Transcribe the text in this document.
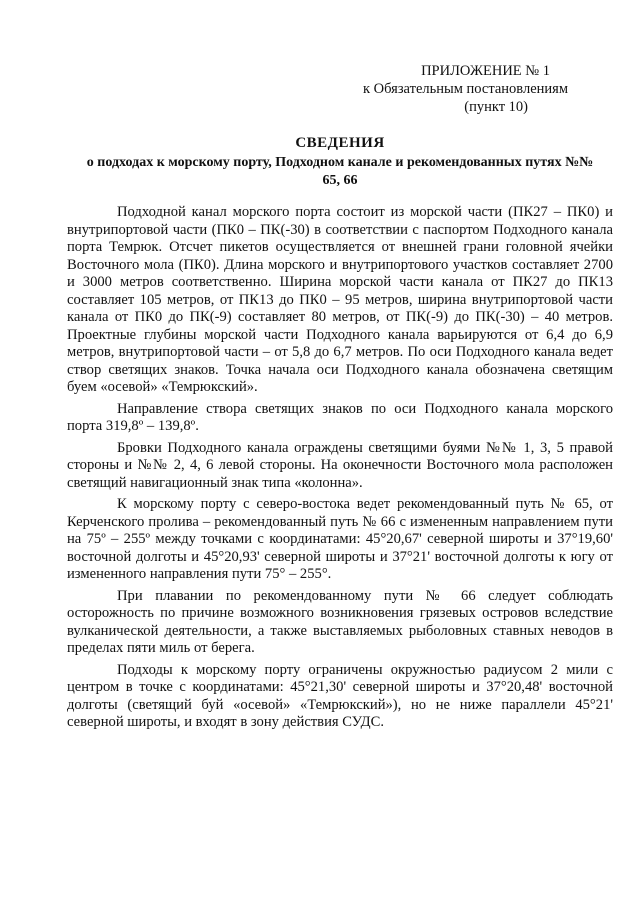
ПРИЛОЖЕНИЕ № 1
к Обязательным постановлениям
(пункт 10)
СВЕДЕНИЯ
о подходах к морскому порту, Подходном канале и рекомендованных путях №№ 65, 66

Подходной канал морского порта состоит из морской части (ПК27 – ПК0) и внутрипортовой части (ПК0 – ПК(-30) в соответствии с паспортом Подходного канала порта Темрюк. Отсчет пикетов осуществляется от внешней грани головной ячейки Восточного мола (ПК0). Длина морского и внутрипортового участков составляет 2700 и 3000 метров соответственно. Ширина морской части канала от ПК27 до ПК13 составляет 105 метров, от ПК13 до ПК0 – 95 метров, ширина внутрипортовой части канала от ПК0 до ПК(-9) составляет 80 метров, от ПК(-9) до ПК(-30) – 40 метров. Проектные глубины морской части Подходного канала варьируются от 6,4 до 6,9 метров, внутрипортовой части – от 5,8 до 6,7 метров. По оси Подходного канала ведет створ светящих знаков. Точка начала оси Подходного канала обозначена светящим буем «осевой» «Темрюкский».

Направление створа светящих знаков по оси Подходного канала морского порта 319,8º – 139,8º.

Бровки Подходного канала ограждены светящими буями №№ 1, 3, 5 правой стороны и №№ 2, 4, 6 левой стороны. На оконечности Восточного мола расположен светящий навигационный знак типа «колонна».

К морскому порту с северо-востока ведет рекомендованный путь № 65, от Керченского пролива – рекомендованный путь № 66 с измененным направлением пути на 75º – 255º между точками с координатами: 45°20,67' северной широты и 37°19,60' восточной долготы и 45°20,93' северной широты и 37°21' восточной долготы к югу от измененного направления пути 75° – 255°.

При плавании по рекомендованному пути № 66 следует соблюдать осторожность по причине возможного возникновения грязевых островов вследствие вулканической деятельности, а также выставляемых рыболовных ставных неводов в пределах пяти миль от берега.

Подходы к морскому порту ограничены окружностью радиусом 2 мили с центром в точке с координатами: 45°21,30' северной широты и 37°20,48' восточной долготы (светящий буй «осевой» «Темрюкский»), но не ниже параллели 45°21' северной широты, и входят в зону действия СУДС.
